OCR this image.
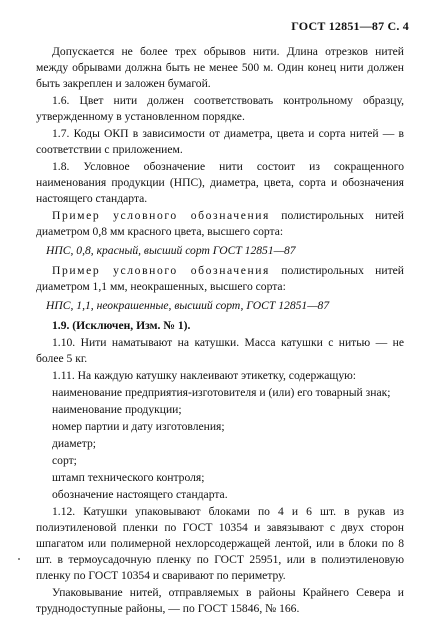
ГОСТ 12851—87 С. 4

Допускается не более трех обрывов нити. Длина отрезков нитей между обрывами должна быть не менее 500 м. Один конец нити должен быть закреплен и заложен бумагой.

1.6. Цвет нити должен соответствовать контрольному образцу, утвержденному в установленном порядке.

1.7. Коды ОКП в зависимости от диаметра, цвета и сорта нитей — в соответствии с приложением.

1.8. Условное обозначение нити состоит из сокращенного наименования продукции (НПС), диаметра, цвета, сорта и обозначения настоящего стандарта.

Пример условного обозначения полистирольных нитей диаметром 0,8 мм красного цвета, высшего сорта:

НПС, 0,8, красный, высший сорт ГОСТ 12851—87

Пример условного обозначения полистирольных нитей диаметром 1,1 мм, неокрашенных, высшего сорта:

НПС, 1,1, неокрашенные, высший сорт, ГОСТ 12851—87

1.9. (Исключен, Изм. № 1).

1.10. Нити наматывают на катушки. Масса катушки с нитью — не более 5 кг.

1.11. На каждую катушку наклеивают этикетку, содержащую:

наименование предприятия-изготовителя и (или) его товарный знак;

наименование продукции;

номер партии и дату изготовления;

диаметр;

сорт;

штамп технического контроля;

обозначение настоящего стандарта.

1.12. Катушки упаковывают блоками по 4 и 6 шт. в рукав из полиэтиленовой пленки по ГОСТ 10354 и завязывают с двух сторон шпагатом или полимерной нехлорсодержащей лентой, или в блоки по 8 шт. в термоусадочную пленку по ГОСТ 25951, или в полиэтиленовую пленку по ГОСТ 10354 и сваривают по периметру.

Упаковывание нитей, отправляемых в районы Крайнего Севера и труднодоступные районы, — по ГОСТ 15846, № 166.
